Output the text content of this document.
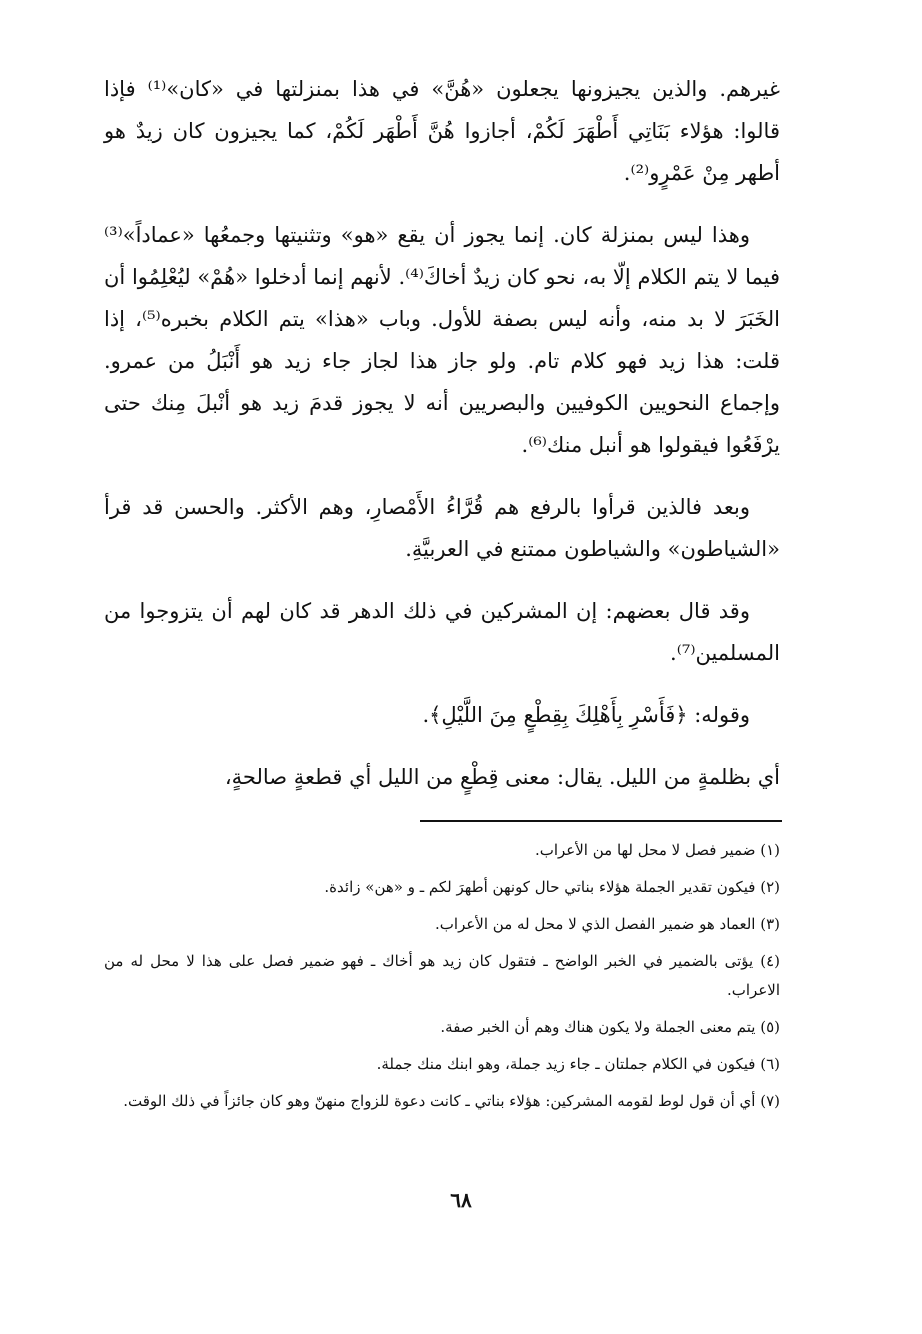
غيرهم. والذين يجيزونها يجعلون «هُنَّ» في هذا بمنزلتها في «كان»⁽¹⁾ فإذا قالوا: هؤلاء بَنَاتِي أَطْهَرَ لَكُمْ، أجازوا هُنَّ أَطْهَر لَكُمْ، كما يجيزون كان زيدٌ هو أطهر مِنْ عَمْرٍو⁽²⁾.

وهذا ليس بمنزلة كان. إنما يجوز أن يقع «هو» وتثنيتها وجمعُها «عماداً»⁽³⁾ فيما لا يتم الكلام إلّا به، نحو كان زيدٌ أخاكَ⁽⁴⁾. لأنهم إنما أدخلوا «هُمْ» ليُعْلِمُوا أن الخَبَرَ لا بد منه، وأنه ليس بصفة للأول. وباب «هذا» يتم الكلام بخبره⁽⁵⁾، إذا قلت: هذا زيد فهو كلام تام. ولو جاز هذا لجاز جاء زيد هو أَنْبَلُ من عمرو. وإجماع النحويين الكوفيين والبصريين أنه لا يجوز قدمَ زيد هو أنْبلَ مِنك حتى يرْفَعُوا فيقولوا هو أنبل منك⁽⁶⁾.

وبعد فالذين قرأوا بالرفع هم قُرَّاءُ الأَمْصارِ، وهم الأكثر. والحسن قد قرأ «الشياطون» والشياطون ممتنع في العربيَّةِ.

وقد قال بعضهم: إن المشركين في ذلك الدهر قد كان لهم أن يتزوجوا من المسلمين⁽⁷⁾.

وقوله: ﴿فَأَسْرِ بِأَهْلِكَ بِقِطْعٍ مِنَ اللَّيْلِ﴾.

أي بظلمةٍ من الليل. يقال: معنى قِطْعٍ من الليل أي قطعةٍ صالحةٍ،

(١) ضمير فصل لا محل لها من الأعراب.

(٢) فيكون تقدير الجملة هؤلاء بناتي حال كونهن أطهرَ لكم ـ و «هن» زائدة.

(٣) العماد هو ضمير الفصل الذي لا محل له من الأعراب.

(٤) يؤتى بالضمير في الخبر الواضح ـ فتقول كان زيد هو أخاك ـ فهو ضمير فصل على هذا لا محل له من الاعراب.

(٥) يتم معنى الجملة ولا يكون هناك وهم أن الخبر صفة.

(٦) فيكون في الكلام جملتان ـ جاء زيد جملة، وهو ابنك منك جملة.

(٧) أي أن قول لوط لقومه المشركين: هؤلاء بناتي ـ كانت دعوة للزواج منهنّ وهو كان جائزاً في ذلك الوقت.

٦٨
